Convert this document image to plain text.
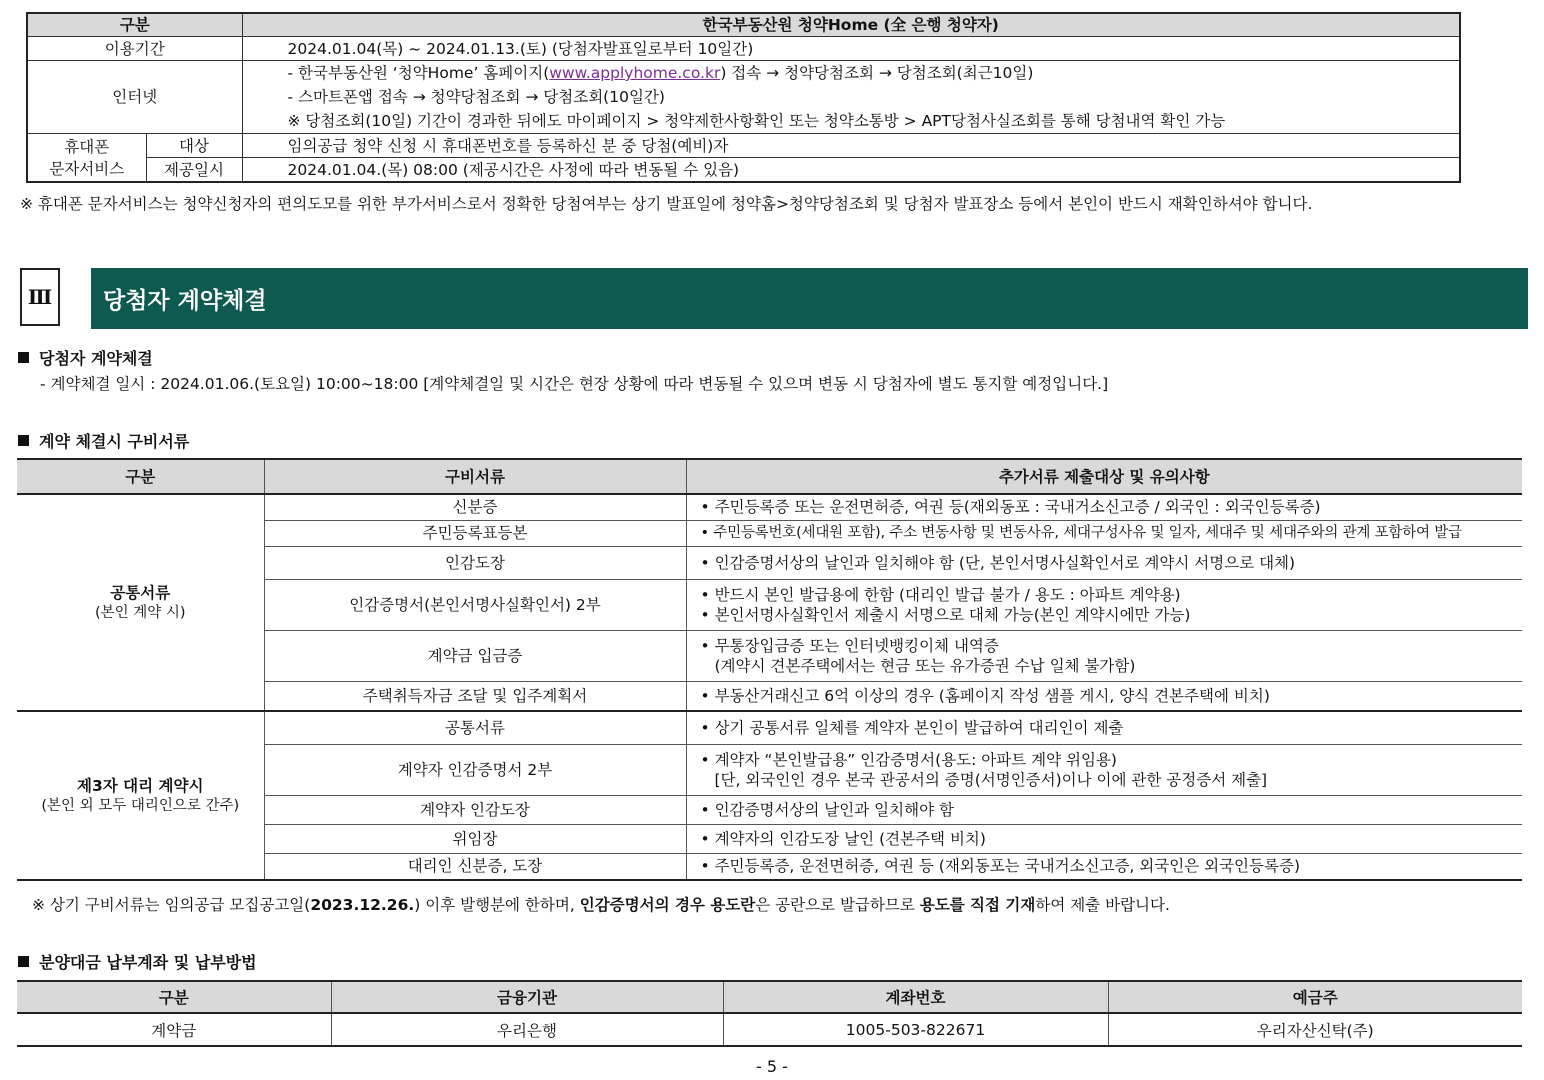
구분		한국부동산원 청약Home (全 은행 청약자)
이용기간		2024.01.04(목) ~ 2024.01.13.(토) (당첨자발표일로부터 10일간)
인터넷		- 한국부동산원 ‘청약Home’ 홈페이지(www.applyhome.co.kr) 접속 → 청약당첨조회 → 당첨조회(최근10일)
- 스마트폰앱 접속 → 청약당첨조회 → 당첨조회(10일간)
※ 당첨조회(10일) 기간이 경과한 뒤에도 마이페이지 > 청약제한사항확인 또는 청약소통방 > APT당첨사실조회를 통해 당첨내역 확인 가능

휴대폰
문자서비스	대상	임의공급 청약 신청 시 휴대폰번호를 등록하신 분 중 당첨(예비)자
	제공일시	2024.01.04.(목) 08:00 (제공시간은 사정에 따라 변동될 수 있음)
※ 휴대폰 문자서비스는 청약신청자의 편의도모를 위한 부가서비스로서 정확한 당첨여부는 상기 발표일에 청약홈>청약당첨조회 및 당첨자 발표장소 등에서 본인이 반드시 재확인하셔야 합니다.
Ⅲ	당첨자 계약체결
당첨자 계약체결
- 계약체결 일시 : 2024.01.06.(토요일) 10:00~18:00 [계약체결일 및 시간은 현장 상황에 따라 변동될 수 있으며 변동 시 당첨자에 별도 통지할 예정입니다.]
계약 체결시 구비서류
구분	구비서류	추가서류 제출대상 및 유의사항

공통서류
(본인 계약 시)	신분증	• 주민등록증 또는 운전면허증, 여권 등(재외동포 : 국내거소신고증 / 외국인 : 외국인등록증)
	주민등록표등본	• 주민등록번호(세대원 포함), 주소 변동사항 및 변동사유, 세대구성사유 및 일자, 세대주 및 세대주와의 관계 포함하여 발급

	인감도장	• 인감증명서상의 날인과 일치해야 함 (단, 본인서명사실확인서로 계약시 서명으로 대체)
	인감증명서(본인서명사실확인서) 2부	• 반드시 본인 발급용에 한함 (대리인 발급 불가 / 용도 : 아파트 계약용)
• 본인서명사실확인서 제출시 서명으로 대체 가능(본인 계약시에만 가능)

	계약금 입금증	• 무통장입금증 또는 인터넷뱅킹이체 내역증
(계약시 견본주택에서는 현금 또는 유가증권 수납 일체 불가함)

	주택취득자금 조달 및 입주계획서	• 부동산거래신고 6억 이상의 경우 (홈페이지 작성 샘플 게시, 양식 견본주택에 비치)

제3자 대리 계약시
(본인 외 모두 대리인으로 간주)	공통서류	• 상기 공통서류 일체를 계약자 본인이 발급하여 대리인이 제출
	계약자 인감증명서 2부	• 계약자 “본인발급용” 인감증명서(용도: 아파트 계약 위임용)
[단, 외국인인 경우 본국 관공서의 증명(서명인증서)이나 이에 관한 공정증서 제출]

	계약자 인감도장	• 인감증명서상의 날인과 일치해야 함
	위임장	• 계약자의 인감도장 날인 (견본주택 비치)
	대리인 신분증, 도장	• 주민등록증, 운전면허증, 여권 등 (재외동포는 국내거소신고증, 외국인은 외국인등록증)
※ 상기 구비서류는 임의공급 모집공고일(2023.12.26.) 이후 발행분에 한하며, 인감증명서의 경우 용도란은 공란으로 발급하므로 용도를 직접 기재하여 제출 바랍니다.
분양대금 납부계좌 및 납부방법
구분	금융기관	계좌번호	예금주
계약금	우리은행	1005-503-822671	우리자산신탁(주)
- 5 -
